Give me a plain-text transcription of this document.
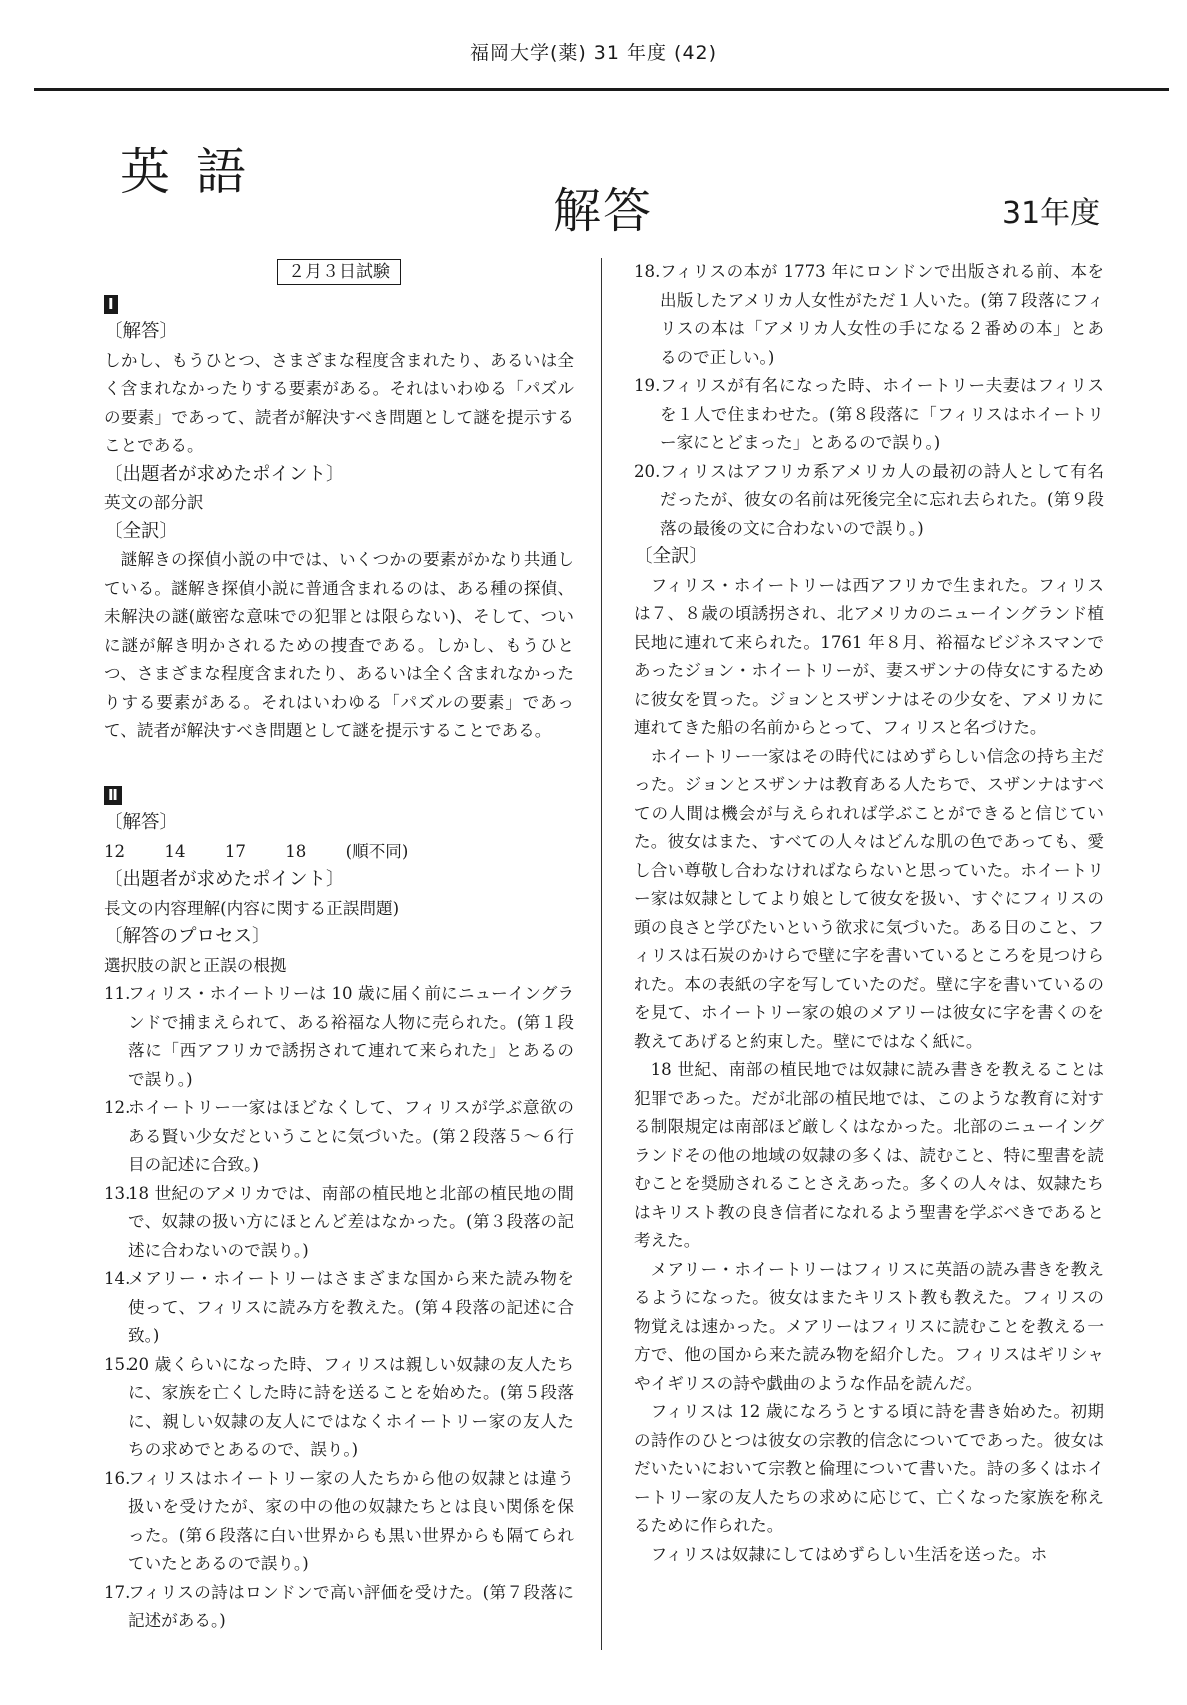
福岡大学(薬) 31 年度 (42)
英語
解答	31年度
２月３日試験
Ⅰ
〔解答〕
しかし、もうひとつ、さまざまな程度含まれたり、あるいは全く含まれなかったりする要素がある。それはいわゆる「パズルの要素」であって、読者が解決すべき問題として謎を提示することである。
〔出題者が求めたポイント〕
英文の部分訳
〔全訳〕
謎解きの探偵小説の中では、いくつかの要素がかなり共通している。謎解き探偵小説に普通含まれるのは、ある種の探偵、未解決の謎(厳密な意味での犯罪とは限らない)、そして、ついに謎が解き明かされるための捜査である。しかし、もうひとつ、さまざまな程度含まれたり、あるいは全く含まれなかったりする要素がある。それはいわゆる「パズルの要素」であって、読者が解決すべき問題として謎を提示することである。
Ⅱ
〔解答〕
12 14 17 18 (順不同)
〔出題者が求めたポイント〕
長文の内容理解(内容に関する正誤問題)
〔解答のプロセス〕
選択肢の訳と正誤の根拠
11.
フィリス・ホイートリーは 10 歳に届く前にニューイングランドで捕まえられて、ある裕福な人物に売られた。(第１段落に「西アフリカで誘拐されて連れて来られた」とあるので誤り。)
12.
ホイートリー一家はほどなくして、フィリスが学ぶ意欲のある賢い少女だということに気づいた。(第２段落５～６行目の記述に合致。)
13.
18 世紀のアメリカでは、南部の植民地と北部の植民地の間で、奴隷の扱い方にほとんど差はなかった。(第３段落の記述に合わないので誤り。)
14.
メアリー・ホイートリーはさまざまな国から来た読み物を使って、フィリスに読み方を教えた。(第４段落の記述に合致。)
15.
20 歳くらいになった時、フィリスは親しい奴隷の友人たちに、家族を亡くした時に詩を送ることを始めた。(第５段落に、親しい奴隷の友人にではなくホイートリー家の友人たちの求めでとあるので、誤り。)
16.
フィリスはホイートリー家の人たちから他の奴隷とは違う扱いを受けたが、家の中の他の奴隷たちとは良い関係を保った。(第６段落に白い世界からも黒い世界からも隔てられていたとあるので誤り。)
17.
フィリスの詩はロンドンで高い評価を受けた。(第７段落に記述がある。)
18. フィリスの本が 1773 年にロンドンで出版される前、本を出版したアメリカ人女性がただ１人いた。(第７段落にフィリスの本は「アメリカ人女性の手になる２番めの本」とあるので正しい。)
19. フィリスが有名になった時、ホイートリー夫妻はフィリスを１人で住まわせた。(第８段落に「フィリスはホイートリー家にとどまった」とあるので誤り。)
20. フィリスはアフリカ系アメリカ人の最初の詩人として有名だったが、彼女の名前は死後完全に忘れ去られた。(第９段落の最後の文に合わないので誤り。)
〔全訳〕
フィリス・ホイートリーは西アフリカで生まれた。フィリスは７、８歳の頃誘拐され、北アメリカのニューイングランド植民地に連れて来られた。1761 年８月、裕福なビジネスマンであったジョン・ホイートリーが、妻スザンナの侍女にするために彼女を買った。ジョンとスザンナはその少女を、アメリカに連れてきた船の名前からとって、フィリスと名づけた。
ホイートリー一家はその時代にはめずらしい信念の持ち主だった。ジョンとスザンナは教育ある人たちで、スザンナはすべての人間は機会が与えられれば学ぶことができると信じていた。彼女はまた、すべての人々はどんな肌の色であっても、愛し合い尊敬し合わなければならないと思っていた。ホイートリー家は奴隷としてより娘として彼女を扱い、すぐにフィリスの頭の良さと学びたいという欲求に気づいた。ある日のこと、フィリスは石炭のかけらで壁に字を書いているところを見つけられた。本の表紙の字を写していたのだ。壁に字を書いているのを見て、ホイートリー家の娘のメアリーは彼女に字を書くのを教えてあげると約束した。壁にではなく紙に。
18 世紀、南部の植民地では奴隷に読み書きを教えることは犯罪であった。だが北部の植民地では、このような教育に対する制限規定は南部ほど厳しくはなかった。北部のニューイングランドその他の地域の奴隷の多くは、読むこと、特に聖書を読むことを奨励されることさえあった。多くの人々は、奴隷たちはキリスト教の良き信者になれるよう聖書を学ぶべきであると考えた。
メアリー・ホイートリーはフィリスに英語の読み書きを教えるようになった。彼女はまたキリスト教も教えた。フィリスの物覚えは速かった。メアリーはフィリスに読むことを教える一方で、他の国から来た読み物を紹介した。フィリスはギリシャやイギリスの詩や戯曲のような作品を読んだ。
フィリスは 12 歳になろうとする頃に詩を書き始めた。初期の詩作のひとつは彼女の宗教的信念についてであった。彼女はだいたいにおいて宗教と倫理について書いた。詩の多くはホイートリー家の友人たちの求めに応じて、亡くなった家族を称えるために作られた。
フィリスは奴隷にしてはめずらしい生活を送った。ホ
